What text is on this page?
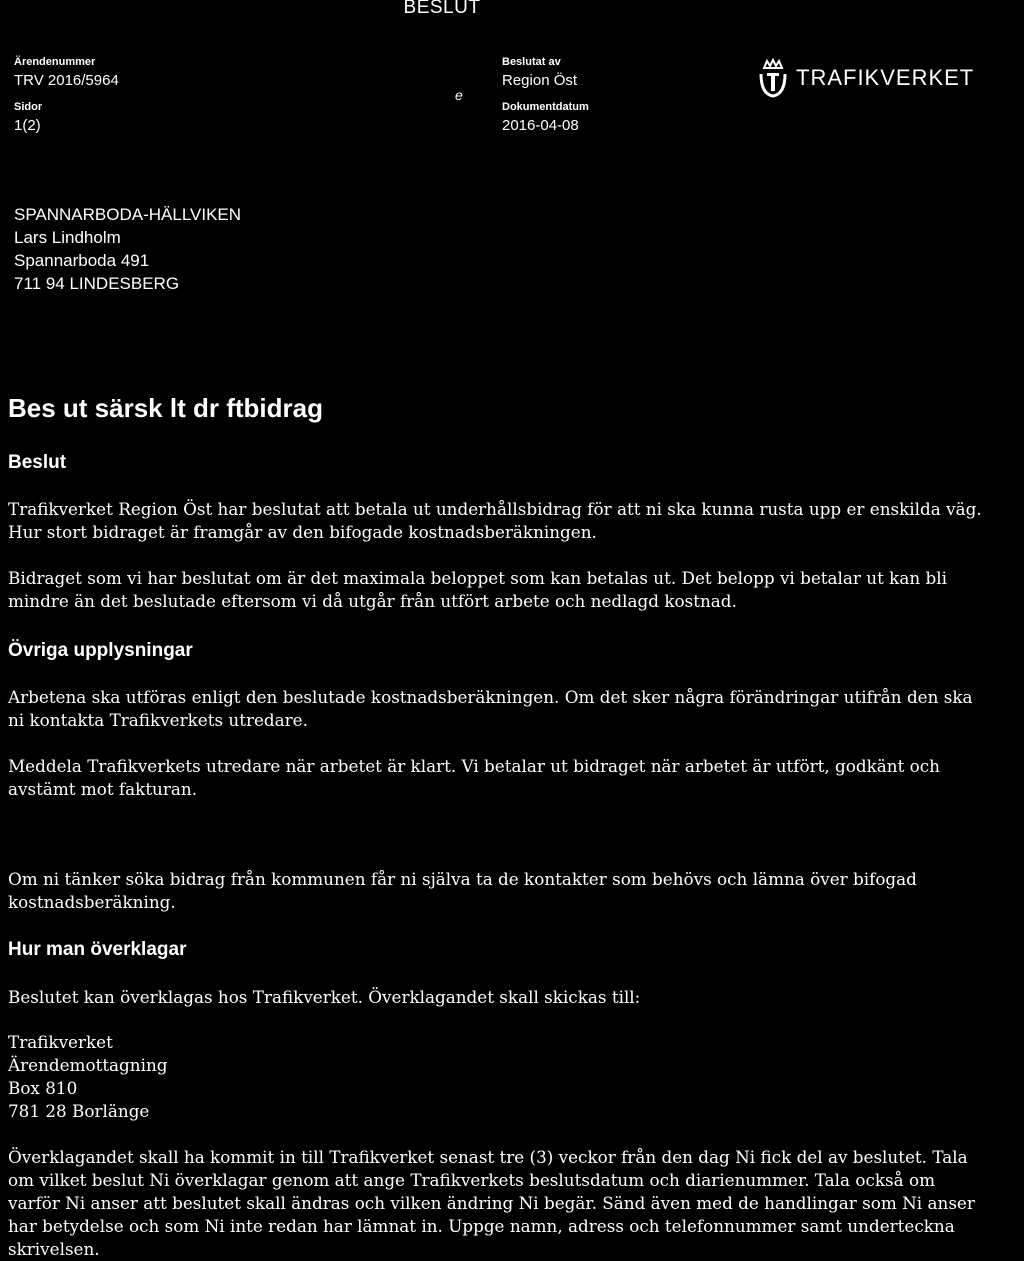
BESLUT
Ärendenummer
TRV 2016/5964
Sidor
1(2)
e
Beslutat av
Region Öst
Dokumentdatum
2016-04-08
TRAFIKVERKET
SPANNARBODA-HÄLLVIKEN
Lars Lindholm
Spannarboda 491
711 94 LINDESBERG
Bes ut särsk lt dr ftbidrag
Beslut
Trafikverket Region Öst har beslutat att betala ut underhållsbidrag för att ni ska kunna rusta upp er enskilda väg.
Hur stort bidraget är framgår av den bifogade kostnadsberäkningen.
Bidraget som vi har beslutat om är det maximala beloppet som kan betalas ut. Det belopp vi betalar ut kan bli
mindre än det beslutade eftersom vi då utgår från utfört arbete och nedlagd kostnad.
Övriga upplysningar
Arbetena ska utföras enligt den beslutade kostnadsberäkningen. Om det sker några förändringar utifrån den ska
ni kontakta Trafikverkets utredare.
Meddela Trafikverkets utredare när arbetet är klart. Vi betalar ut bidraget när arbetet är utfört, godkänt och
avstämt mot fakturan.
Om ni tänker söka bidrag från kommunen får ni själva ta de kontakter som behövs och lämna över bifogad
kostnadsberäkning.
Hur man överklagar
Beslutet kan överklagas hos Trafikverket. Överklagandet skall skickas till:
Trafikverket
Ärendemottagning
Box 810
781 28 Borlänge
Överklagandet skall ha kommit in till Trafikverket senast tre (3) veckor från den dag Ni fick del av beslutet. Tala
om vilket beslut Ni överklagar genom att ange Trafikverkets beslutsdatum och diarienummer. Tala också om
varför Ni anser att beslutet skall ändras och vilken ändring Ni begär. Sänd även med de handlingar som Ni anser
har betydelse och som Ni inte redan har lämnat in. Uppge namn, adress och telefonnummer samt underteckna
skrivelsen.
